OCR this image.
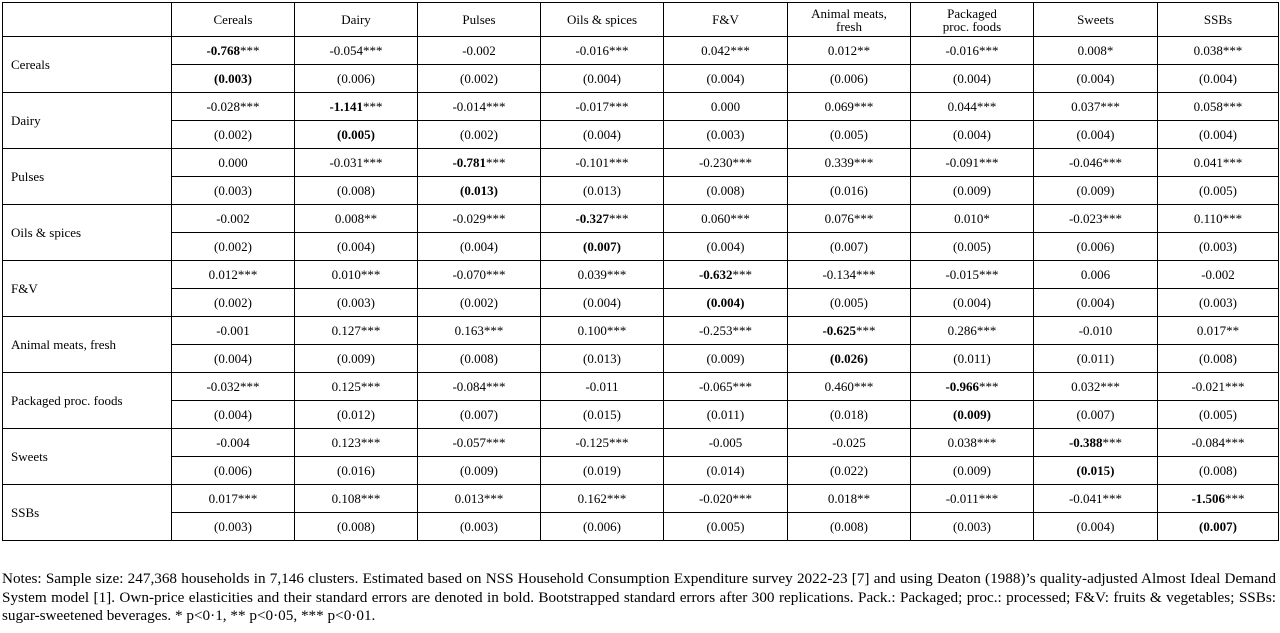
	Cereals	Dairy	Pulses	Oils & spices	F&V	Animal meats, fresh	Packaged proc. foods	Sweets	SSBs
Cereals	-0.768***	-0.054***	-0.002	-0.016***	0.042***	0.012**	-0.016***	0.008*	0.038***
	(0.003)	(0.006)	(0.002)	(0.004)	(0.004)	(0.006)	(0.004)	(0.004)	(0.004)
Dairy	-0.028***	-1.141***	-0.014***	-0.017***	0.000	0.069***	0.044***	0.037***	0.058***
	(0.002)	(0.005)	(0.002)	(0.004)	(0.003)	(0.005)	(0.004)	(0.004)	(0.004)
Pulses	0.000	-0.031***	-0.781***	-0.101***	-0.230***	0.339***	-0.091***	-0.046***	0.041***
	(0.003)	(0.008)	(0.013)	(0.013)	(0.008)	(0.016)	(0.009)	(0.009)	(0.005)
Oils & spices	-0.002	0.008**	-0.029***	-0.327***	0.060***	0.076***	0.010*	-0.023***	0.110***
	(0.002)	(0.004)	(0.004)	(0.007)	(0.004)	(0.007)	(0.005)	(0.006)	(0.003)
F&V	0.012***	0.010***	-0.070***	0.039***	-0.632***	-0.134***	-0.015***	0.006	-0.002
	(0.002)	(0.003)	(0.002)	(0.004)	(0.004)	(0.005)	(0.004)	(0.004)	(0.003)
Animal meats, fresh	-0.001	0.127***	0.163***	0.100***	-0.253***	-0.625***	0.286***	-0.010	0.017**
	(0.004)	(0.009)	(0.008)	(0.013)	(0.009)	(0.026)	(0.011)	(0.011)	(0.008)
Packaged proc. foods	-0.032***	0.125***	-0.084***	-0.011	-0.065***	0.460***	-0.966***	0.032***	-0.021***
	(0.004)	(0.012)	(0.007)	(0.015)	(0.011)	(0.018)	(0.009)	(0.007)	(0.005)
Sweets	-0.004	0.123***	-0.057***	-0.125***	-0.005	-0.025	0.038***	-0.388***	-0.084***
	(0.006)	(0.016)	(0.009)	(0.019)	(0.014)	(0.022)	(0.009)	(0.015)	(0.008)
SSBs	0.017***	0.108***	0.013***	0.162***	-0.020***	0.018**	-0.011***	-0.041***	-1.506***
	(0.003)	(0.008)	(0.003)	(0.006)	(0.005)	(0.008)	(0.003)	(0.004)	(0.007)

Notes: Sample size: 247,368 households in 7,146 clusters. Estimated based on NSS Household Consumption Expenditure survey 2022-23 [7] and using Deaton (1988)’s quality-adjusted Almost Ideal Demand System model [1]. Own-price elasticities and their standard errors are denoted in bold. Bootstrapped standard errors after 300 replications. Pack.: Packaged; proc.: processed; F&V: fruits & vegetables; SSBs: sugar-sweetened beverages. * p<0·1, ** p<0·05, *** p<0·01.
